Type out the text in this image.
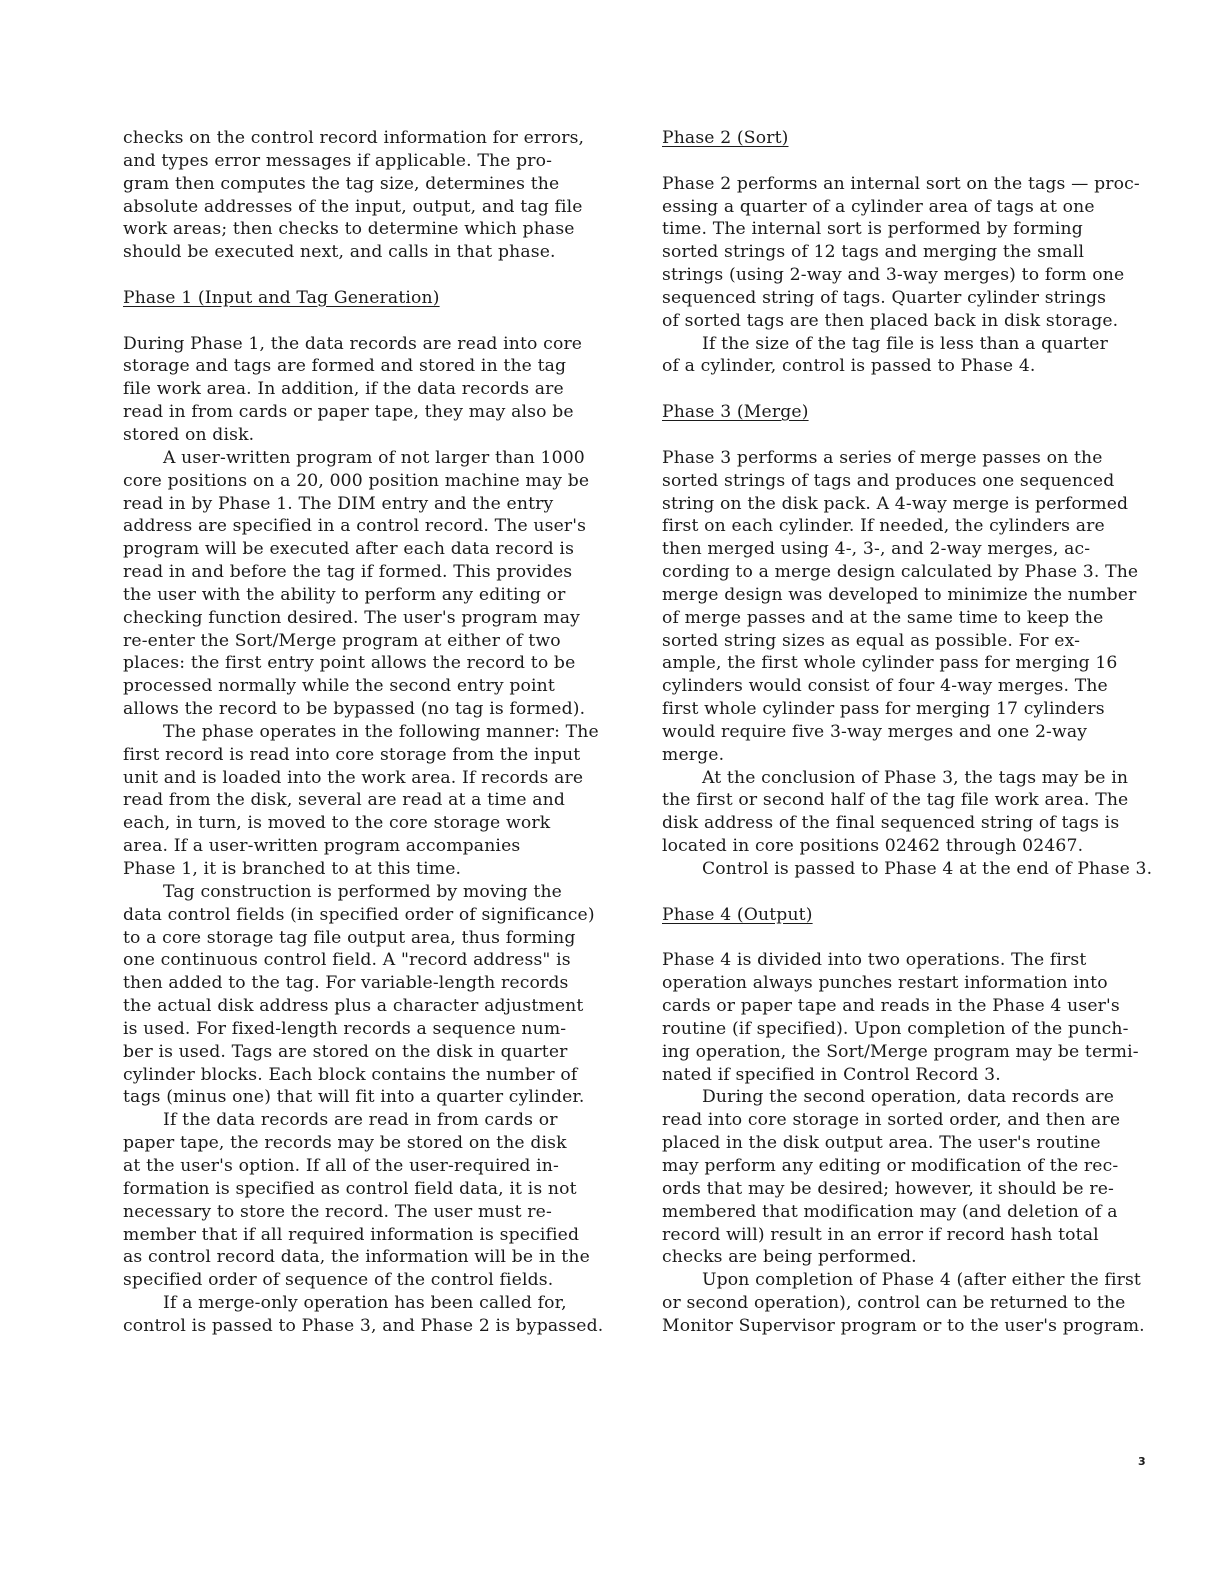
checks on the control record information for errors,
and types error messages if applicable. The pro-
gram then computes the tag size, determines the
absolute addresses of the input, output, and tag file
work areas; then checks to determine which phase
should be executed next, and calls in that phase.
Phase 1 (Input and Tag Generation)
During Phase 1, the data records are read into core
storage and tags are formed and stored in the tag
file work area. In addition, if the data records are
read in from cards or paper tape, they may also be
stored on disk.
A user-written program of not larger than 1000
core positions on a 20, 000 position machine may be
read in by Phase 1. The DIM entry and the entry
address are specified in a control record. The user's
program will be executed after each data record is
read in and before the tag if formed. This provides
the user with the ability to perform any editing or
checking function desired. The user's program may
re-enter the Sort/Merge program at either of two
places: the first entry point allows the record to be
processed normally while the second entry point
allows the record to be bypassed (no tag is formed).
The phase operates in the following manner: The
first record is read into core storage from the input
unit and is loaded into the work area. If records are
read from the disk, several are read at a time and
each, in turn, is moved to the core storage work
area. If a user-written program accompanies
Phase 1, it is branched to at this time.
Tag construction is performed by moving the
data control fields (in specified order of significance)
to a core storage tag file output area, thus forming
one continuous control field. A "record address" is
then added to the tag. For variable-length records
the actual disk address plus a character adjustment
is used. For fixed-length records a sequence num-
ber is used. Tags are stored on the disk in quarter
cylinder blocks. Each block contains the number of
tags (minus one) that will fit into a quarter cylinder.
If the data records are read in from cards or
paper tape, the records may be stored on the disk
at the user's option. If all of the user-required in-
formation is specified as control field data, it is not
necessary to store the record. The user must re-
member that if all required information is specified
as control record data, the information will be in the
specified order of sequence of the control fields.
If a merge-only operation has been called for,
control is passed to Phase 3, and Phase 2 is bypassed.
Phase 2 (Sort)
Phase 2 performs an internal sort on the tags — proc-
essing a quarter of a cylinder area of tags at one
time. The internal sort is performed by forming
sorted strings of 12 tags and merging the small
strings (using 2-way and 3-way merges) to form one
sequenced string of tags. Quarter cylinder strings
of sorted tags are then placed back in disk storage.
If the size of the tag file is less than a quarter
of a cylinder, control is passed to Phase 4.
Phase 3 (Merge)
Phase 3 performs a series of merge passes on the
sorted strings of tags and produces one sequenced
string on the disk pack. A 4-way merge is performed
first on each cylinder. If needed, the cylinders are
then merged using 4-, 3-, and 2-way merges, ac-
cording to a merge design calculated by Phase 3. The
merge design was developed to minimize the number
of merge passes and at the same time to keep the
sorted string sizes as equal as possible. For ex-
ample, the first whole cylinder pass for merging 16
cylinders would consist of four 4-way merges. The
first whole cylinder pass for merging 17 cylinders
would require five 3-way merges and one 2-way
merge.
At the conclusion of Phase 3, the tags may be in
the first or second half of the tag file work area. The
disk address of the final sequenced string of tags is
located in core positions 02462 through 02467.
Control is passed to Phase 4 at the end of Phase 3.
Phase 4 (Output)
Phase 4 is divided into two operations. The first
operation always punches restart information into
cards or paper tape and reads in the Phase 4 user's
routine (if specified). Upon completion of the punch-
ing operation, the Sort/Merge program may be termi-
nated if specified in Control Record 3.
During the second operation, data records are
read into core storage in sorted order, and then are
placed in the disk output area. The user's routine
may perform any editing or modification of the rec-
ords that may be desired; however, it should be re-
membered that modification may (and deletion of a
record will) result in an error if record hash total
checks are being performed.
Upon completion of Phase 4 (after either the first
or second operation), control can be returned to the
Monitor Supervisor program or to the user's program.
3
